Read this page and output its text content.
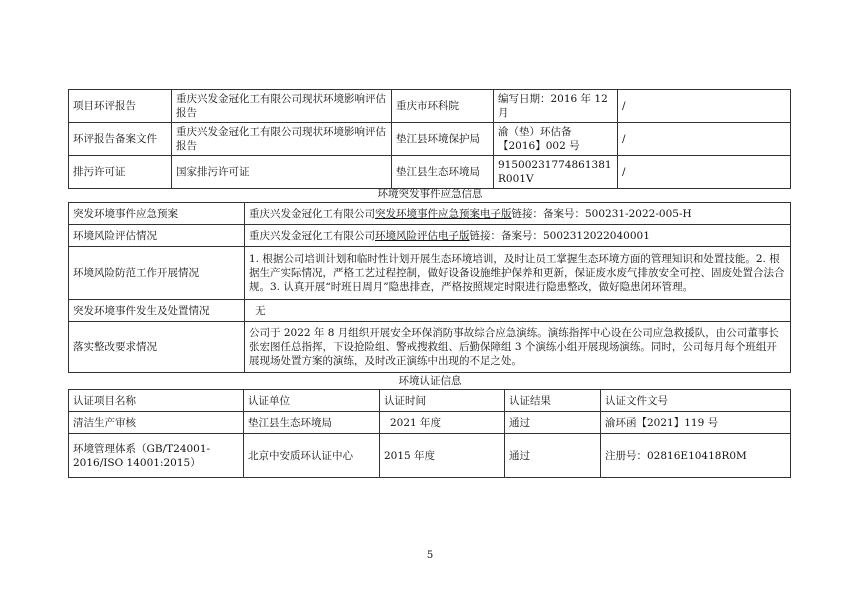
项目环评报告	重庆兴发金冠化工有限公司现状环境影响评估报告	重庆市环科院	编写日期：2016 年 12 月	/
环评报告备案文件	重庆兴发金冠化工有限公司现状环境影响评估报告	垫江县环境保护局	渝（垫）环估备【2016】002 号	/
排污许可证	国家排污许可证	垫江县生态环境局	91500231774861381R001V	/
环境突发事件应急信息
突发环境事件应急预案	重庆兴发金冠化工有限公司突发环境事件应急预案电子版链接：备案号：500231-2022-005-H
环境风险评估情况	重庆兴发金冠化工有限公司环境风险评估电子版链接：备案号：5002312022040001
环境风险防范工作开展情况	1. 根据公司培训计划和临时性计划开展生态环境培训，及时让员工掌握生态环境方面的管理知识和处置技能。2. 根据生产实际情况，严格工艺过程控制，做好设备设施维护保养和更新，保证废水废气排放安全可控、固废处置合法合规。3. 认真开展“时班日周月”隐患排查，严格按照规定时限进行隐患整改，做好隐患闭环管理。
突发环境事件发生及处置情况	无
落实整改要求情况	公司于 2022 年 8 月组织开展安全环保消防事故综合应急演练。演练指挥中心设在公司应急救援队，由公司董事长张宏图任总指挥，下设抢险组、警戒搜救组、后勤保障组 3 个演练小组开展现场演练。同时，公司每月每个班组开展现场处置方案的演练，及时改正演练中出现的不足之处。
环境认证信息
认证项目名称	认证单位	认证时间	认证结果	认证文件文号
清洁生产审核	垫江县生态环境局	2021 年度	通过	渝环函【2021】119 号
环境管理体系（GB/T24001-2016/ISO 14001:2015）	北京中安质环认证中心	2015 年度	通过	注册号：02816E10418R0M
5
